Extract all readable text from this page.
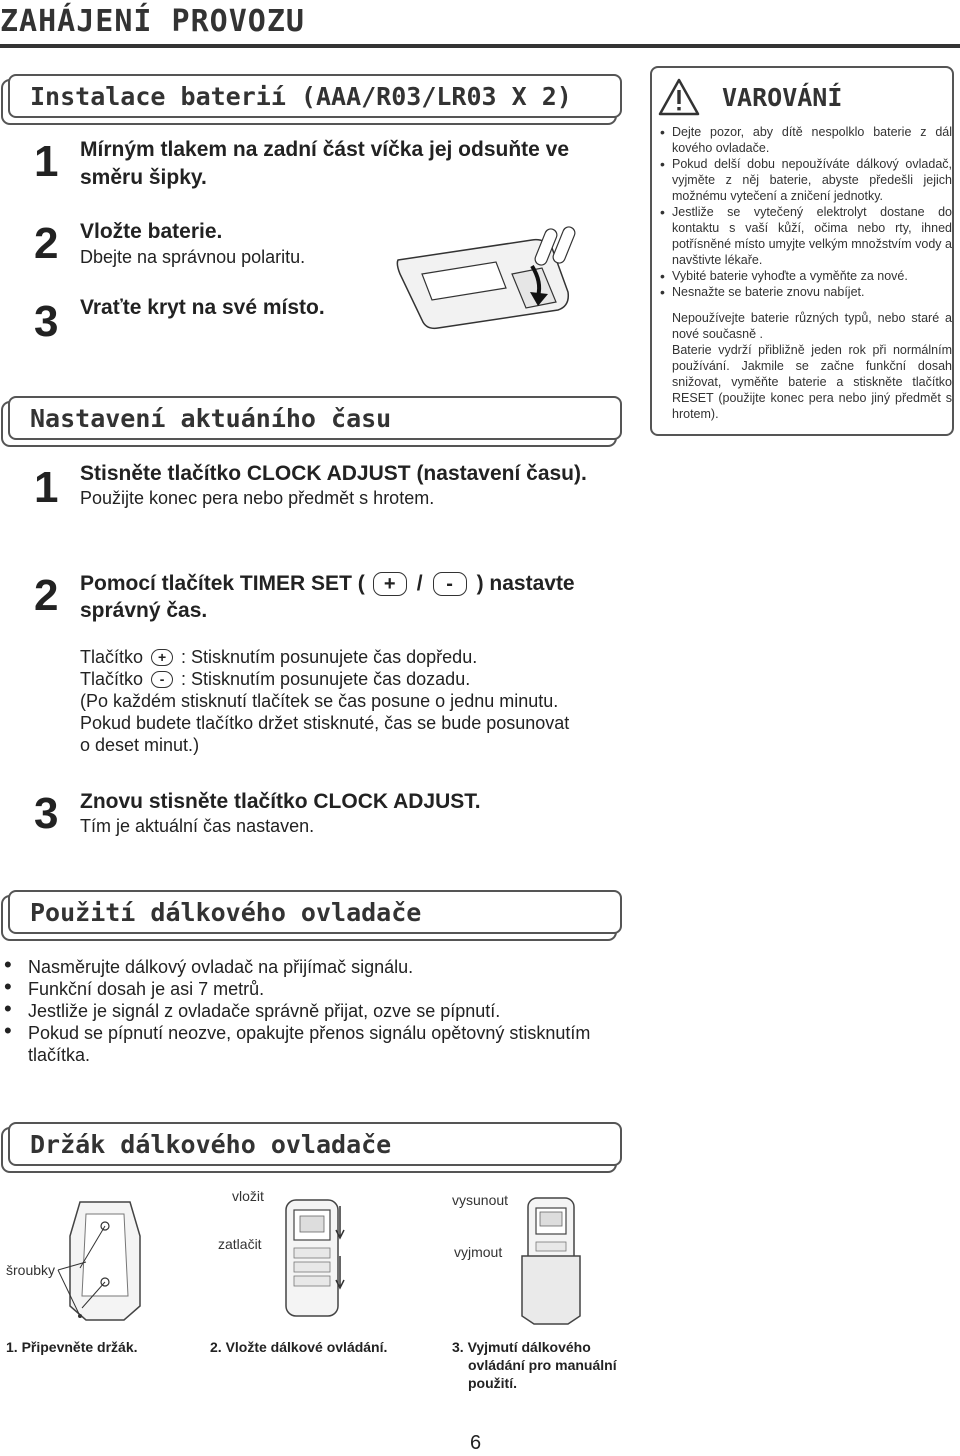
ZAHÁJENÍ PROVOZU
Instalace baterií (AAA/R03/LR03 X 2)
1 Mírným tlakem na zadní část víčka jej odsuňte ve
směru šipky.
2 Vložte baterie.
Dbejte na správnou polaritu.
3 Vraťte kryt na své místo.
Nastavení aktuáního času
VAROVÁNÍ
• Dejte pozor, aby dítě nespolklo baterie z dál kového ovladače.
• Pokud delší dobu nepoužíváte dálkový ovladač, vyjměte z něj baterie, abyste předešli jejich možnému vytečení a zničení jednotky.
• Jestliže se vytečený elektrolyt dostane do kontaktu s vaší kůží, očima nebo rty, ihned potřísněné místo umyjte velkým množstvím vody a navštivte lékaře.
• Vybité baterie vyhoďte a vyměňte za nové.
• Nesnažte se baterie znovu nabíjet.
Nepoužívejte baterie různých typů, nebo staré a nové současně .
Baterie vydrží přibližně jeden rok při normálním používání. Jakmile se začne funkční dosah snižovat, vyměňte baterie a stiskněte tlačítko RESET (použijte konec pera nebo jiný předmět s hrotem).
1 Stisněte tlačítko CLOCK ADJUST (nastavení času).
Použijte konec pera nebo předmět s hrotem.
2 Pomocí tlačítek TIMER SET ( + / - ) nastavte
správný čas.
Tlačítko + : Stisknutím posunujete čas dopředu.
Tlačítko - : Stisknutím posunujete čas dozadu.
(Po každém stisknutí tlačítek se čas posune o jednu minutu.
Pokud budete tlačítko držet stisknuté, čas se bude posunovat
o deset minut.)
3 Znovu stisněte tlačítko CLOCK ADJUST.
Tím je aktuální čas nastaven.
Použití dálkového ovladače
• Nasměrujte dálkový ovladač na přijímač signálu.
• Funkční dosah je asi 7 metrů.
• Jestliže je signál z ovladače správně přijat, ozve se pípnutí.
• Pokud se pípnutí neozve, opakujte přenos signálu opětovný stisknutím tlačítka.
Držák dálkového ovladače
šroubky
vložit
zatlačit
vysunout
vyjmout
1. Připevněte držák.	2. Vložte dálkové ovládání.	3. Vyjmutí dálkového
ovládání pro manuální
použití.
6
